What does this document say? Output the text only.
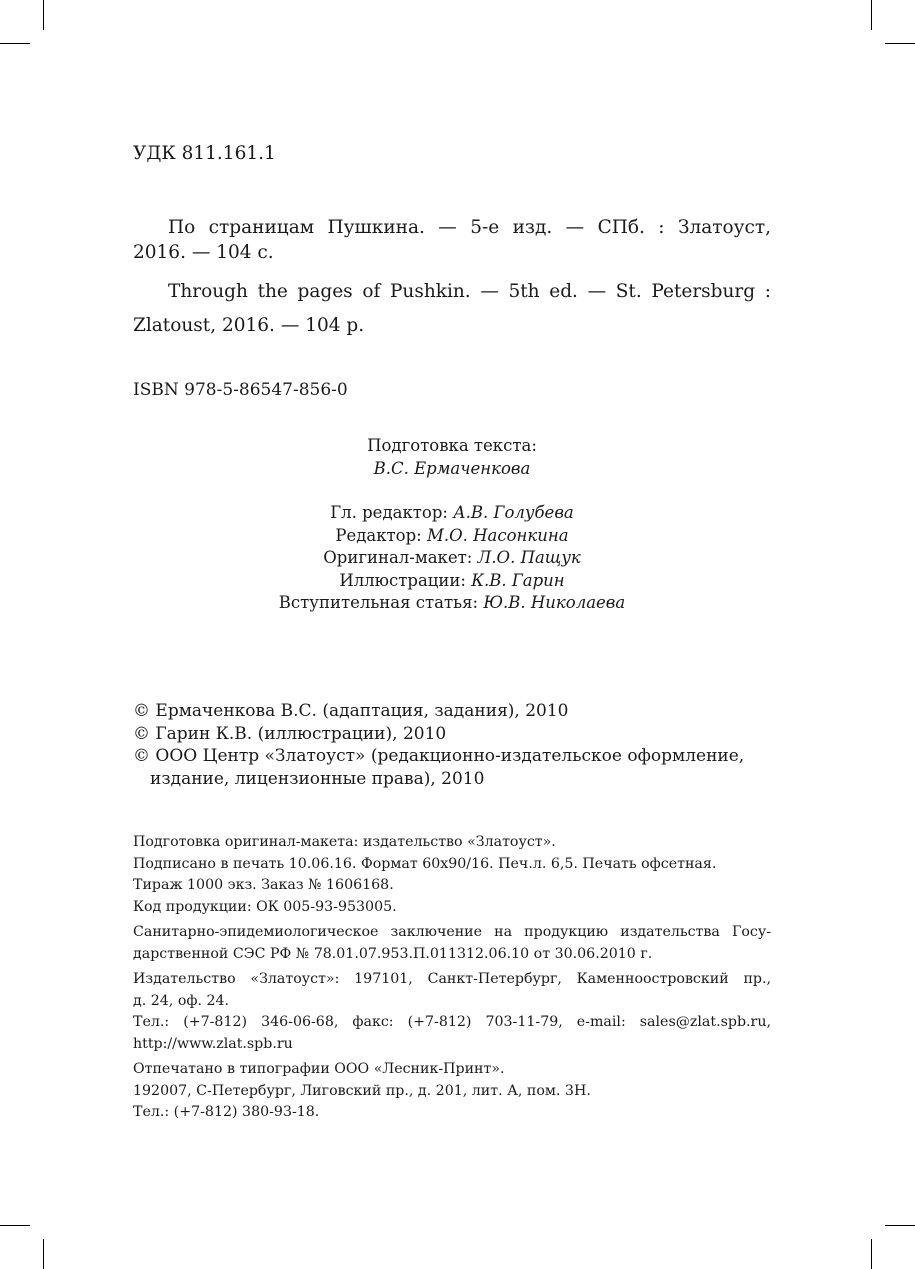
УДК 811.161.1
По страницам Пушкина. — 5-е изд. — СПб. : Златоуст,
2016. — 104 с.
Through the pages of Pushkin. — 5th ed. — St. Petersburg :
Zlatoust, 2016. — 104 p.
ISBN 978-5-86547-856-0
Подготовка текста:
В.С. Ермаченкова
Гл. редактор: А.В. Голубева
Редактор: М.О. Насонкина
Оригинал-макет: Л.О. Пащук
Иллюстрации: К.В. Гарин
Вступительная статья: Ю.В. Николаева
© Ермаченкова В.С. (адаптация, задания), 2010
© Гарин К.В. (иллюстрации), 2010
© ООО Центр «Златоуст» (редакционно-издательскоe оформление,
издание, лицензионные права), 2010
Подготовка оригинал-макета: издательство «Златоуст».
Подписано в печать 10.06.16. Формат 60х90/16. Печ.л. 6,5. Печать офсетная.
Тираж 1000 экз. Заказ № 1606168.
Код продукции: ОК 005-93-953005.
Санитарно-эпидемиологическое заключение на продукцию издательства Госу-
дарственной СЭС РФ № 78.01.07.953.П.011312.06.10 от 30.06.2010 г.
Издательство «Златоуст»: 197101, Санкт-Петербург, Каменноостровский пр.,
д. 24, оф. 24.
Тел.: (+7-812) 346-06-68, факс: (+7-812) 703-11-79, e-mail: sales@zlat.spb.ru,
http://www.zlat.spb.ru
Отпечатано в типографии ООО «Лесник-Принт».
192007, С-Петербург, Лиговский пр., д. 201, лит. А, пом. 3Н.
Тел.: (+7-812) 380-93-18.
